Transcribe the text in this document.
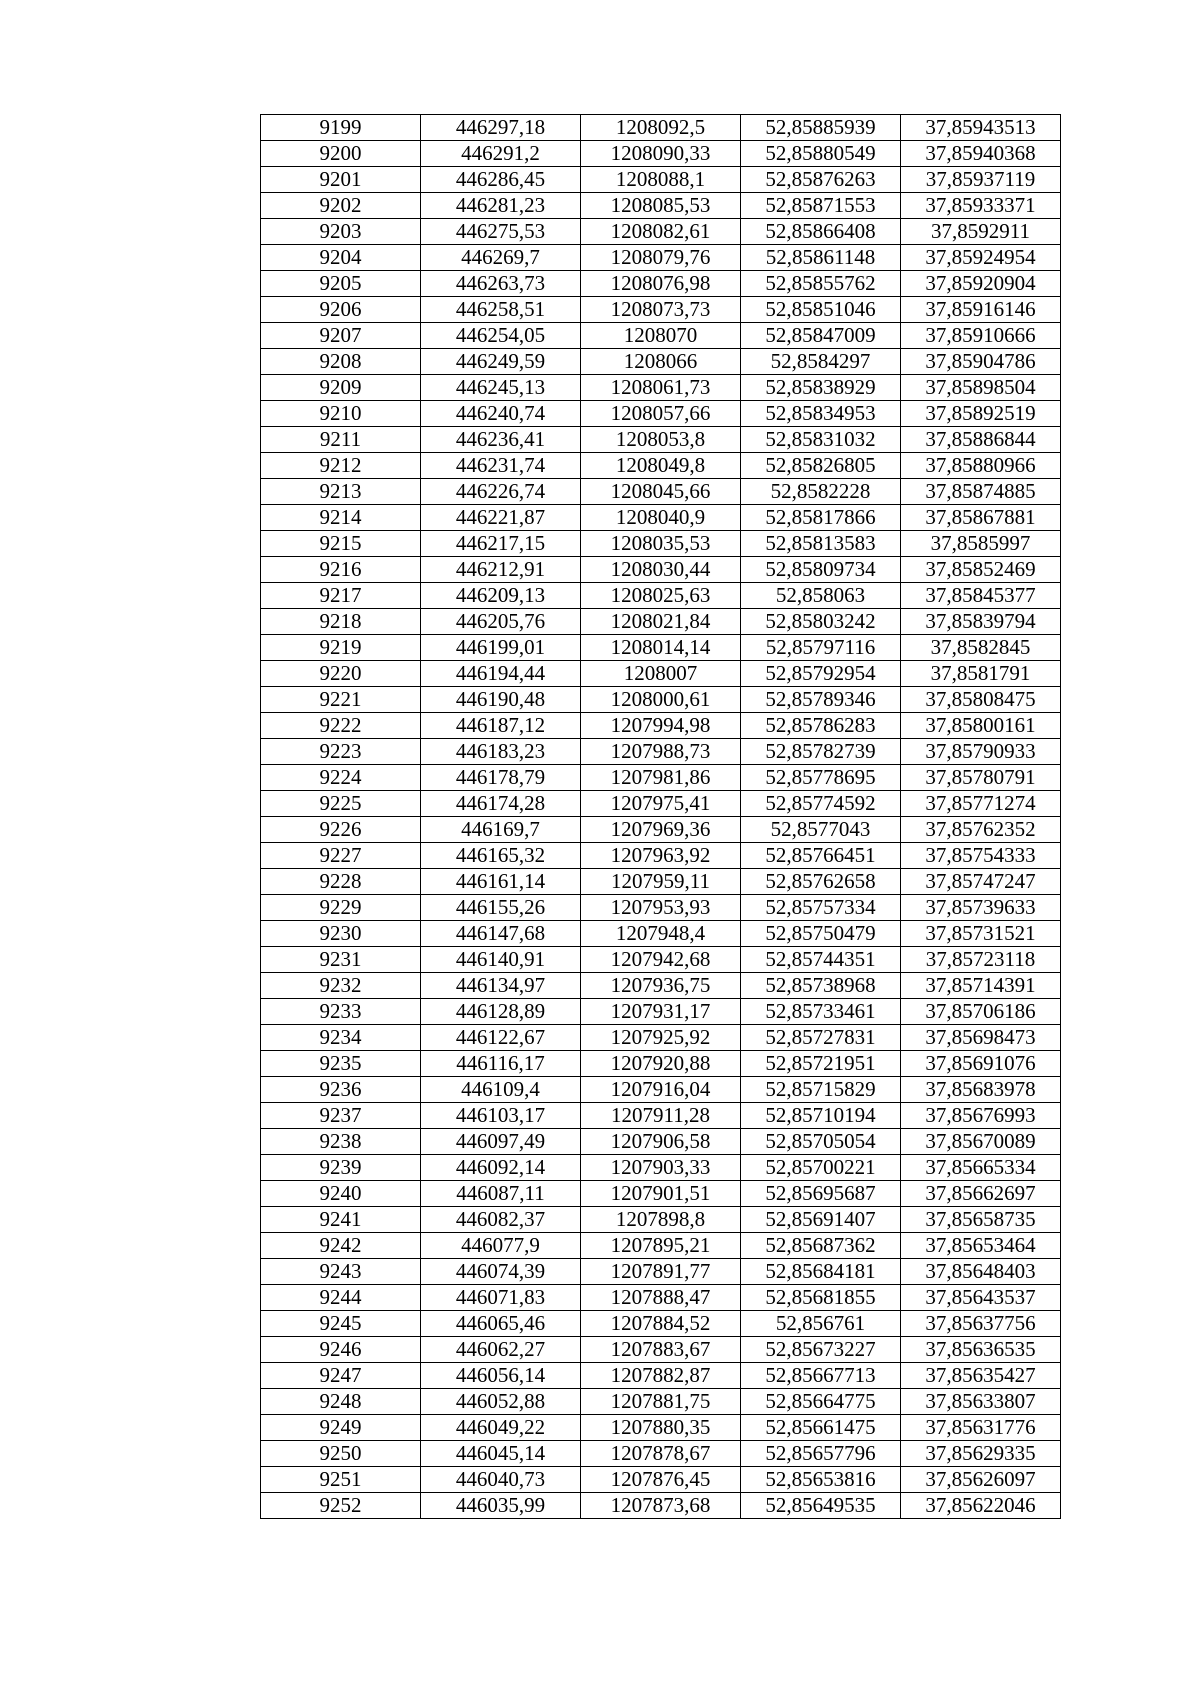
9199	446297,18	1208092,5	52,85885939	37,85943513
9200	446291,2	1208090,33	52,85880549	37,85940368
9201	446286,45	1208088,1	52,85876263	37,85937119
9202	446281,23	1208085,53	52,85871553	37,85933371
9203	446275,53	1208082,61	52,85866408	37,8592911
9204	446269,7	1208079,76	52,85861148	37,85924954
9205	446263,73	1208076,98	52,85855762	37,85920904
9206	446258,51	1208073,73	52,85851046	37,85916146
9207	446254,05	1208070	52,85847009	37,85910666
9208	446249,59	1208066	52,8584297	37,85904786
9209	446245,13	1208061,73	52,85838929	37,85898504
9210	446240,74	1208057,66	52,85834953	37,85892519
9211	446236,41	1208053,8	52,85831032	37,85886844
9212	446231,74	1208049,8	52,85826805	37,85880966
9213	446226,74	1208045,66	52,8582228	37,85874885
9214	446221,87	1208040,9	52,85817866	37,85867881
9215	446217,15	1208035,53	52,85813583	37,8585997
9216	446212,91	1208030,44	52,85809734	37,85852469
9217	446209,13	1208025,63	52,858063	37,85845377
9218	446205,76	1208021,84	52,85803242	37,85839794
9219	446199,01	1208014,14	52,85797116	37,8582845
9220	446194,44	1208007	52,85792954	37,8581791
9221	446190,48	1208000,61	52,85789346	37,85808475
9222	446187,12	1207994,98	52,85786283	37,85800161
9223	446183,23	1207988,73	52,85782739	37,85790933
9224	446178,79	1207981,86	52,85778695	37,85780791
9225	446174,28	1207975,41	52,85774592	37,85771274
9226	446169,7	1207969,36	52,8577043	37,85762352
9227	446165,32	1207963,92	52,85766451	37,85754333
9228	446161,14	1207959,11	52,85762658	37,85747247
9229	446155,26	1207953,93	52,85757334	37,85739633
9230	446147,68	1207948,4	52,85750479	37,85731521
9231	446140,91	1207942,68	52,85744351	37,85723118
9232	446134,97	1207936,75	52,85738968	37,85714391
9233	446128,89	1207931,17	52,85733461	37,85706186
9234	446122,67	1207925,92	52,85727831	37,85698473
9235	446116,17	1207920,88	52,85721951	37,85691076
9236	446109,4	1207916,04	52,85715829	37,85683978
9237	446103,17	1207911,28	52,85710194	37,85676993
9238	446097,49	1207906,58	52,85705054	37,85670089
9239	446092,14	1207903,33	52,85700221	37,85665334
9240	446087,11	1207901,51	52,85695687	37,85662697
9241	446082,37	1207898,8	52,85691407	37,85658735
9242	446077,9	1207895,21	52,85687362	37,85653464
9243	446074,39	1207891,77	52,85684181	37,85648403
9244	446071,83	1207888,47	52,85681855	37,85643537
9245	446065,46	1207884,52	52,856761	37,85637756
9246	446062,27	1207883,67	52,85673227	37,85636535
9247	446056,14	1207882,87	52,85667713	37,85635427
9248	446052,88	1207881,75	52,85664775	37,85633807
9249	446049,22	1207880,35	52,85661475	37,85631776
9250	446045,14	1207878,67	52,85657796	37,85629335
9251	446040,73	1207876,45	52,85653816	37,85626097
9252	446035,99	1207873,68	52,85649535	37,85622046
